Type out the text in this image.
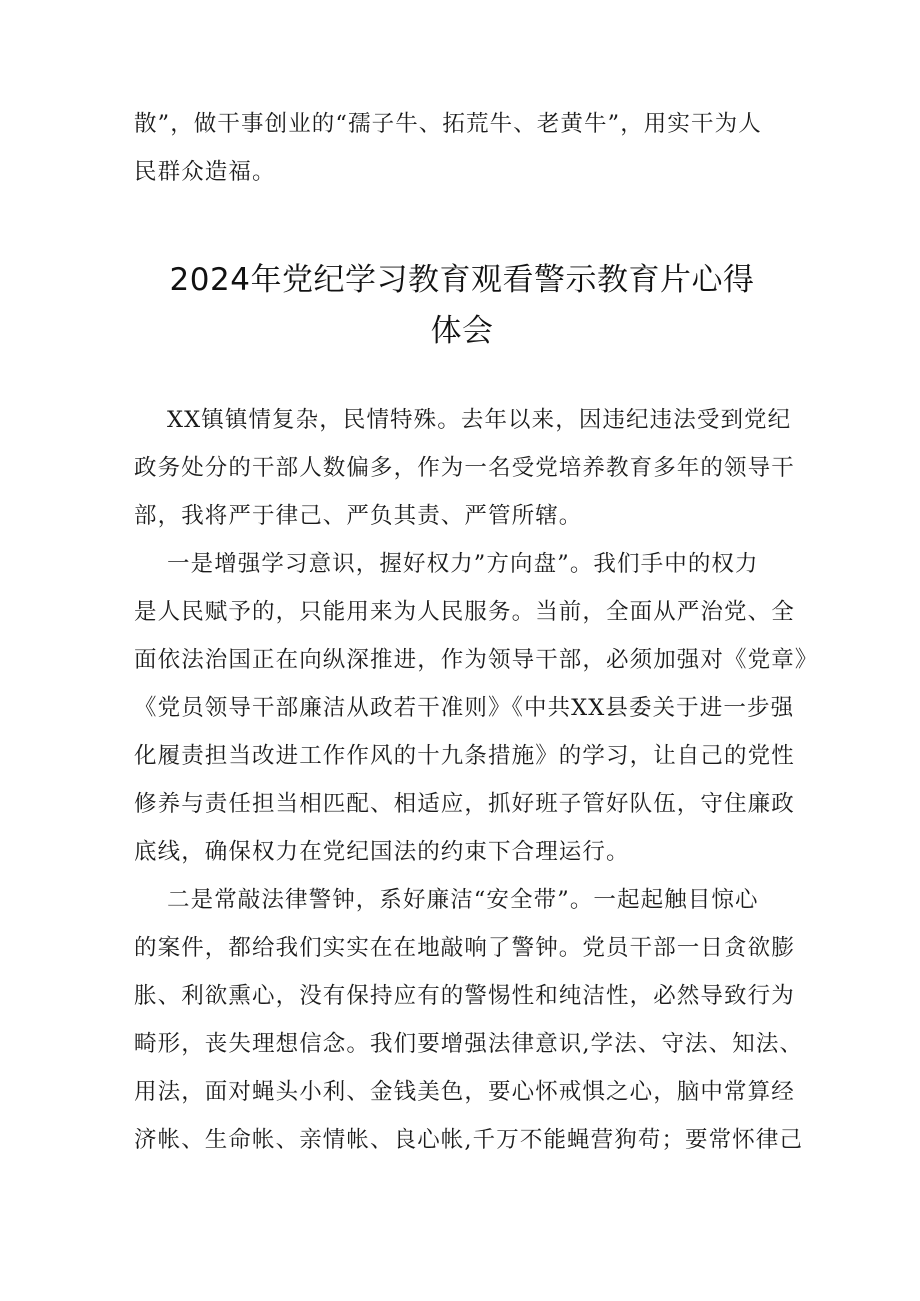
散”，做干事创业的“孺子牛、拓荒牛、老黄牛”，用实干为人
民群众造福。
2024年党纪学习教育观看警示教育片心得
体会
XX镇镇情复杂，民情特殊。去年以来，因违纪违法受到党纪
政务处分的干部人数偏多，作为一名受党培养教育多年的领导干
部，我将严于律己、严负其责、严管所辖。
一是增强学习意识，握好权力”方向盘”。我们手中的权力
是人民赋予的，只能用来为人民服务。当前，全面从严治党、全
面依法治国正在向纵深推进，作为领导干部，必须加强对《党章》
《党员领导干部廉洁从政若干准则》《中共XX县委关于进一步强
化履责担当改进工作作风的十九条措施》的学习，让自己的党性
修养与责任担当相匹配、相适应，抓好班子管好队伍，守住廉政
底线，确保权力在党纪国法的约束下合理运行。
二是常敲法律警钟，系好廉洁“安全带”。一起起触目惊心
的案件，都给我们实实在在地敲响了警钟。党员干部一日贪欲膨
胀、利欲熏心，没有保持应有的警惕性和纯洁性，必然导致行为
畸形，丧失理想信念。我们要增强法律意识,学法、守法、知法、
用法，面对蝇头小利、金钱美色，要心怀戒惧之心，脑中常算经
济帐、生命帐、亲情帐、良心帐,千万不能蝇营狗苟；要常怀律己
